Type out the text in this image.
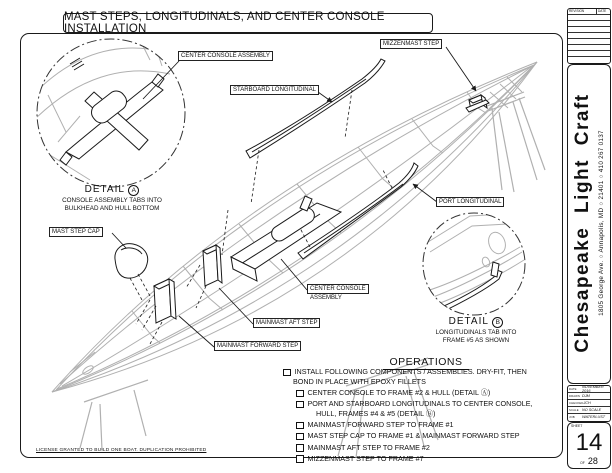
MAST STEPS, LONGITUDINALS, AND CENTER CONSOLE INSTALLATION
CENTER CONSOLE ASSEMBLY
STARBOARD LONGITUDINAL
MIZZENMAST STEP
PORT LONGITUDINAL
MAST STEP CAP
MAINMAST AFT STEP
MAINMAST FORWARD STEP
CENTER CONSOLE
ASSEMBLY
DETAIL A
CONSOLE ASSEMBLY TABS INTO
BULKHEAD AND HULL BOTTOM
DETAIL B
LONGITUDINALS TAB INTO
FRAME #5 AS SHOWN
OPERATIONS
INSTALL FOLLOWING COMPONENTS / ASSEMBLIES. DRY-FIT, THEN
BOND IN PLACE WITH EPOXY FILLETS
CENTER CONSOLE TO FRAME #2 & HULL (DETAIL Ⓐ)
PORT AND STARBOARD LONGITUDINALS TO CENTER CONSOLE,
HULL, FRAMES #4 & #5 (DETAIL Ⓑ)
MAINMAST FORWARD STEP TO FRAME #1
MAST STEP CAP TO FRAME #1 & MAINMAST FORWARD STEP
MAINMAST AFT STEP TO FRAME #2
MIZZENMAST STEP TO FRAME #7
LICENSE GRANTED TO BUILD ONE BOAT. DUPLICATION PROHIBITED
REVISION	DATE
Chesapeake Light Craft 1805 George Ave. ○ Annapolis, MD ○ 21401 ○ 410 267 0137
DATE	NOVEMBER 2016
DRAWN DJM
CHECKED JCH
SCALE NO SCALE
JOB	WATERLUST
SHEET
14
OF 28
